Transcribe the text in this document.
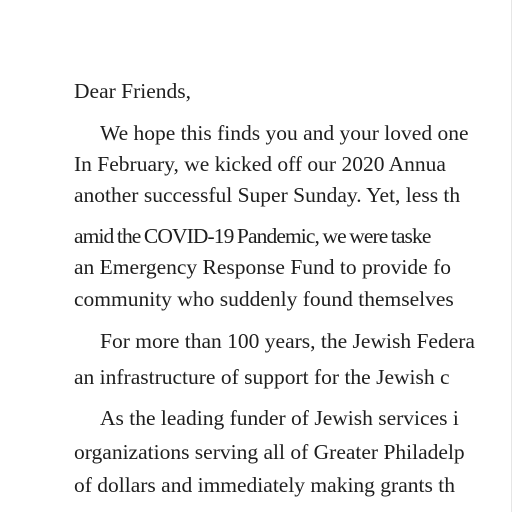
Dear Friends,

We hope this finds you and your loved one

In February, we kicked off our 2020 Annua

another successful Super Sunday. Yet, less th

amid the COVID-19 Pandemic, we were taske

an Emergency Response Fund to provide fo

community who suddenly found themselves

For more than 100 years, the Jewish Federa

an infrastructure of support for the Jewish c

As the leading funder of Jewish services i

organizations serving all of Greater Philadelp

of dollars and immediately making grants th
